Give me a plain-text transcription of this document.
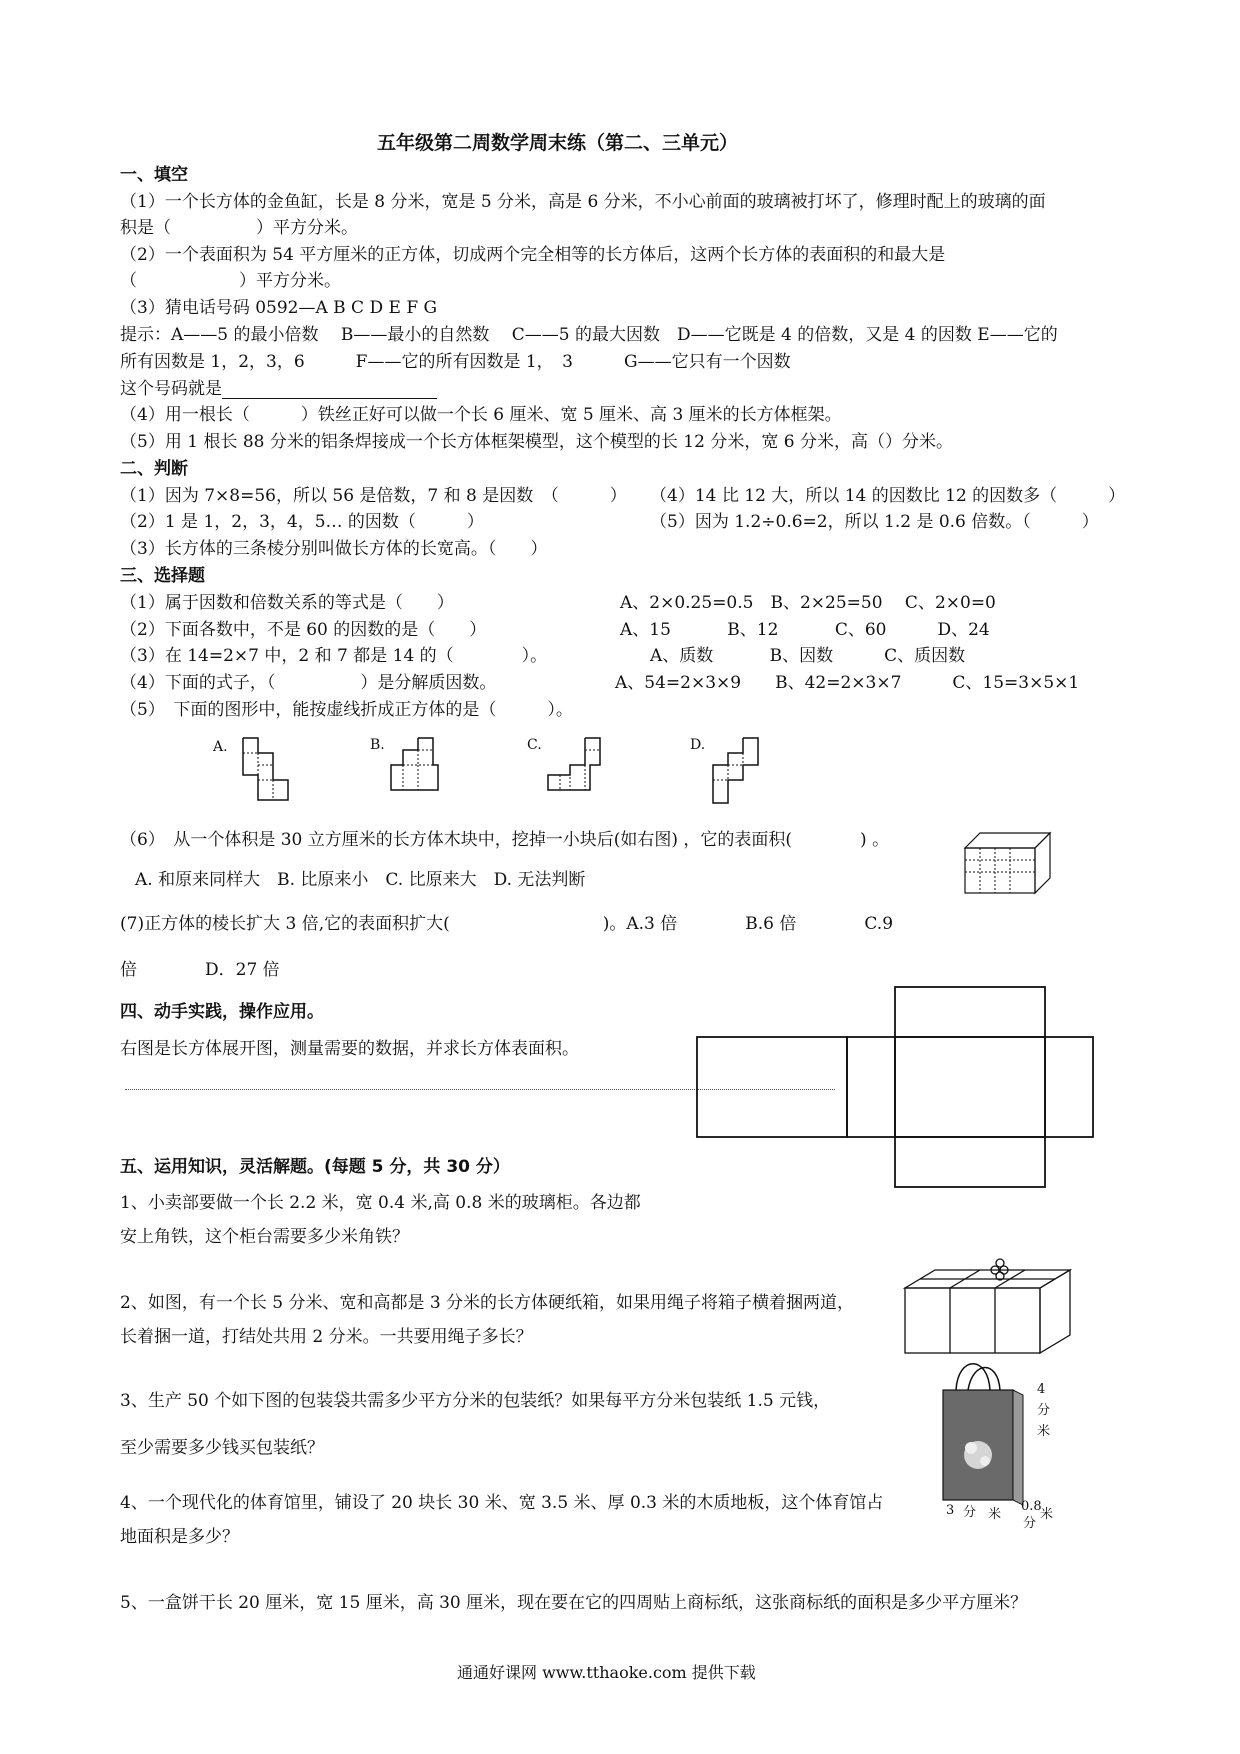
五年级第二周数学周末练（第二、三单元）
一、填空
（1）一个长方体的金鱼缸，长是 8 分米，宽是 5 分米，高是 6 分米，不小心前面的玻璃被打坏了，修理时配上的玻璃的面
积是（　　　　　）平方分米。
（2）一个表面积为 54 平方厘米的正方体，切成两个完全相等的长方体后，这两个长方体的表面积的和最大是
（　　　　　　）平方分米。
（3）猜电话号码 0592—A B C D E F G
提示：A——5 的最小倍数　 B——最小的自然数　 C——5 的最大因数　D——它既是 4 的倍数，又是 4 的因数 E——它的
所有因数是 1，2，3，6　　　F——它的所有因数是 1，　3　　　G——它只有一个因数
这个号码就是
（4）用一根长（　　　）铁丝正好可以做一个长 6 厘米、宽 5 厘米、高 3 厘米的长方体框架。
（5）用 1 根长 88 分米的铝条焊接成一个长方体框架模型，这个模型的长 12 分米，宽 6 分米，高（）分米。
二、判断
（1）因为 7×8=56，所以 56 是倍数，7 和 8 是因数　（　　　） （4）14 比 12 大，所以 14 的因数比 12 的因数多（　　　）
（2）1 是 1，2，3，4，5… 的因数（　　　）	（5）因为 1.2÷0.6=2，所以 1.2 是 0.6 倍数。（　　　）
（3）长方体的三条棱分别叫做长方体的长宽高。（　　）
三、选择题
（1）属于因数和倍数关系的等式是（　　）	A、2×0.25=0.5　B、2×25=50　 C、2×0=0
（2）下面各数中，不是 60 的因数的是（　　）	A、15　　　 B、12　　　 C、60　　　D、24
（3）在 14=2×7 中，2 和 7 都是 14 的（　　　　）。	A、质数　　　 B、因数　　　C、质因数
（4）下面的式子，（　　　　　）是分解质因数。	A、54=2×3×9　　B、42=2×3×7　　　C、15=3×5×1
（5）　下面的图形中，能按虚线折成正方体的是（　　　）。
A.	B.	C.	D.
（6）　从一个体积是 30 立方厘米的长方体木块中，挖掉一小块后(如右图) ，它的表面积(　　　　) 。
A. 和原来同样大　B. 比原来小　C. 比原来大　D. 无法判断
(7)正方体的棱长扩大 3 倍,它的表面积扩大(　　　　　　　　　)。A.3 倍　　　　B.6 倍　　　　C.9
倍　　　　D．27 倍
四、动手实践，操作应用。
右图是长方体展开图，测量需要的数据，并求长方体表面积。
五、运用知识，灵活解题。(每题 5 分，共 30 分）
1、小卖部要做一个长 2.2 米，宽 0.4 米,高 0.8 米的玻璃柜。各边都
安上角铁，这个柜台需要多少米角铁？
2、如图，有一个长 5 分米、宽和高都是 3 分米的长方体硬纸箱，如果用绳子将箱子横着捆两道，
长着捆一道，打结处共用 2 分米。一共要用绳子多长？
3、生产 50 个如下图的包装袋共需多少平方分米的包装纸？如果每平方分米包装纸 1.5 元钱，
至少需要多少钱买包装纸？
4
分
米
3 分 米
0.8
分
米
4、一个现代化的体育馆里，铺设了 20 块长 30 米、宽 3.5 米、厚 0.3 米的木质地板，这个体育馆占
地面积是多少？
5、一盒饼干长 20 厘米，宽 15 厘米，高 30 厘米，现在要在它的四周贴上商标纸，这张商标纸的面积是多少平方厘米？
通通好课网 www.tthaoke.com 提供下载
